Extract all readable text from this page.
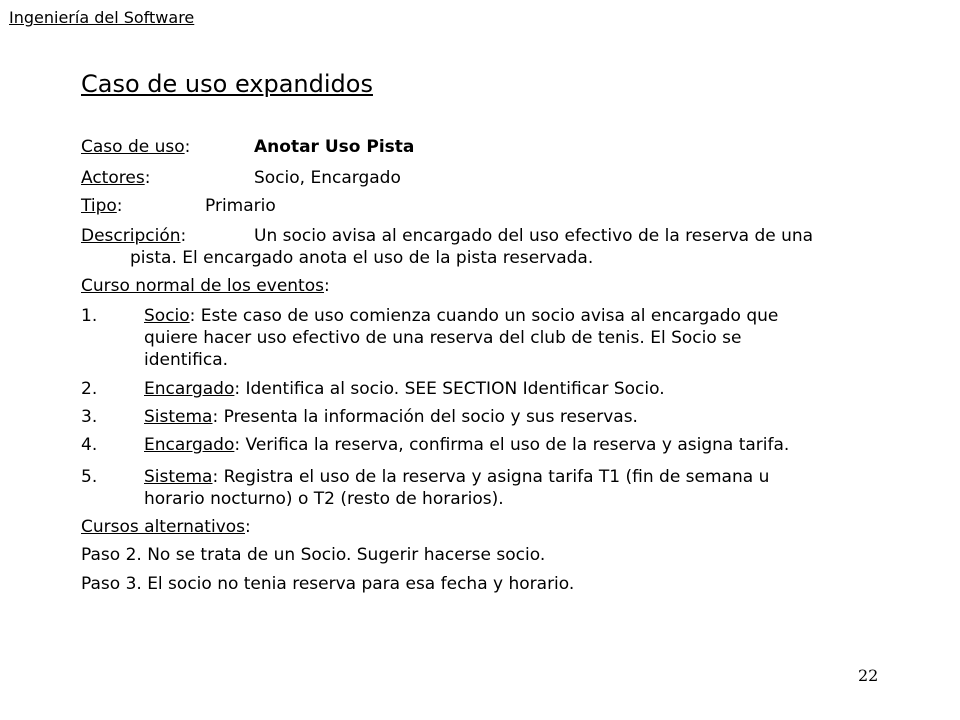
Ingeniería del Software
Caso de uso expandidos
Caso de uso:	Anotar Uso Pista
Actores:	Socio, Encargado
Tipo:	Primario
Descripción:	Un socio avisa al encargado del uso efectivo de la reserva de una
pista. El encargado anota el uso de la pista reservada.
Curso normal de los eventos:
1.	Socio: Este caso de uso comienza cuando un socio avisa al encargado que quiere hacer uso efectivo de una reserva del club de tenis. El Socio se identifica.
2.	Encargado: Identifica al socio. SEE SECTION Identificar Socio.
3.	Sistema: Presenta la información del socio y sus reservas.
4.	Encargado: Verifica la reserva, confirma el uso de la reserva y asigna tarifa.
5.	Sistema: Registra el uso de la reserva y asigna tarifa T1 (fin de semana u horario nocturno) o T2 (resto de horarios).
Cursos alternativos:
Paso 2. No se trata de un Socio. Sugerir hacerse socio.
Paso 3. El socio no tenia reserva para esa fecha y horario.
22
